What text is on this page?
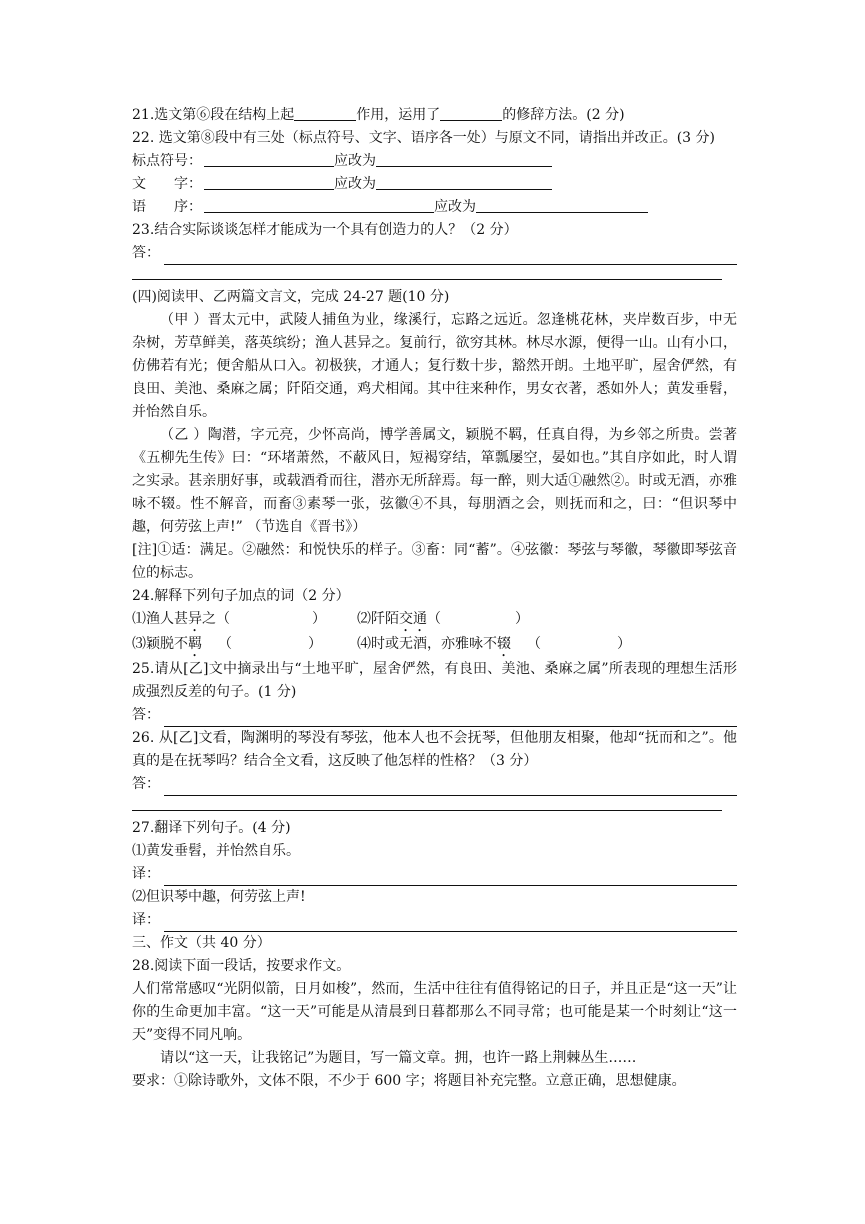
21.选文第⑥段在结构上起	作用，运用了	的修辞方法。(2 分)

22. 选文第⑧段中有三处（标点符号、文字、语序各一处）与原文不同，请指出并改正。(3 分)

标点符号：	应改为
文　　字：	应改为
语　　序：	应改为
23.结合实际谈谈怎样才能成为一个具有创造力的人？（2 分）
答：
(四)阅读甲、乙两篇文言文，完成 24-27 题(10 分)

（甲 ）晋太元中，武陵人捕鱼为业，缘溪行，忘路之远近。忽逢桃花林，夹岸数百步，中无杂树，芳草鲜美，落英缤纷；渔人甚异之。复前行，欲穷其林。林尽水源，便得一山。山有小口，仿佛若有光；便舍船从口入。初极狭，才通人；复行数十步，豁然开朗。土地平旷，屋舍俨然，有良田、美池、桑麻之属；阡陌交通，鸡犬相闻。其中往来种作，男女衣著，悉如外人；黄发垂髫，并怡然自乐。

（乙 ）陶潜，字元亮，少怀高尚，博学善属文，颖脱不羁，任真自得，为乡邻之所贵。尝著《五柳先生传》曰：“环堵萧然，不蔽风日，短褐穿结，箪瓢屡空，晏如也。”其自序如此，时人谓之实录。甚亲朋好事，或载酒肴而往，潜亦无所辞焉。每一醉，则大适①融然②。时或无酒，亦雅咏不辍。性不解音，而畜③素琴一张，弦徽④不具，每朋酒之会，则抚而和之，曰：“但识琴中趣，何劳弦上声!” （节选自《晋书》）

[注]①适：满足。②融然：和悦快乐的样子。③畜：同“蓄”。④弦徽：琴弦与琴徽，琴徽即琴弦音位的标志。

24.解释下列句子加点的词（2 分）
⑴渔人甚异之（	） ⑵阡陌交通（	）
⑶颖脱不羁 （	）	⑷时或无酒，亦雅咏不辍 （	）

25.请从[乙]文中摘录出与“土地平旷，屋舍俨然，有良田、美池、桑麻之属”所表现的理想生活形成强烈反差的句子。(1 分)

答：

26. 从[乙]文看，陶渊明的琴没有琴弦，他本人也不会抚琴，但他朋友相聚，他却“抚而和之”。他真的是在抚琴吗？结合全文看，这反映了他怎样的性格？（3 分）

答：
27.翻译下列句子。(4 分)
⑴黄发垂髫，并怡然自乐。
译：
⑵但识琴中趣，何劳弦上声!
译：
三、作文（共 40 分）
28.阅读下面一段话，按要求作文。

人们常常感叹“光阴似箭，日月如梭”，然而，生活中往往有值得铭记的日子，并且正是“这一天”让你的生命更加丰富。“这一天”可能是从清晨到日暮都那么不同寻常；也可能是某一个时刻让“这一天”变得不同凡响。

请以“这一天，让我铭记”为题目，写一篇文章。拥，也许一路上荆棘丛生……

要求：①除诗歌外，文体不限，不少于 600 字；将题目补充完整。立意正确，思想健康。
